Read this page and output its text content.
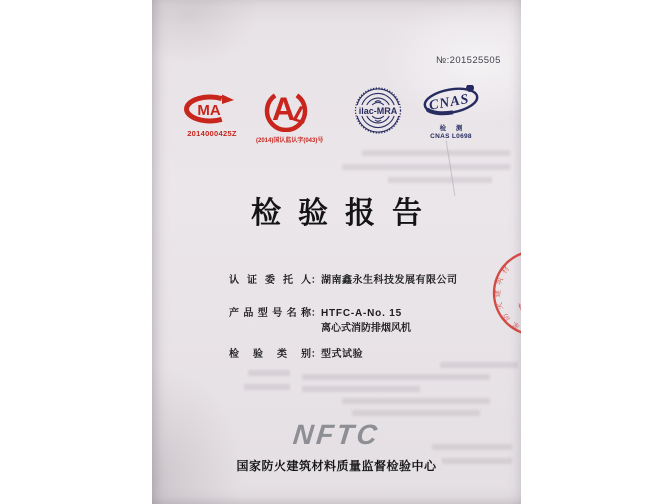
№:201525505
MA
2014000425Z
A
L
(2014)国认监认字(043)号
ilac-MRA CNAS
检 测
CNAS L0698
检验报告
认证委托人：湖南鑫永生科技发展有限公司
产品型号名称：HTFC-A-No. 15
离心式消防排烟风机
检验类别：型式试验
国家防火建筑材
检
NFTC
国家防火建筑材料质量监督检验中心
